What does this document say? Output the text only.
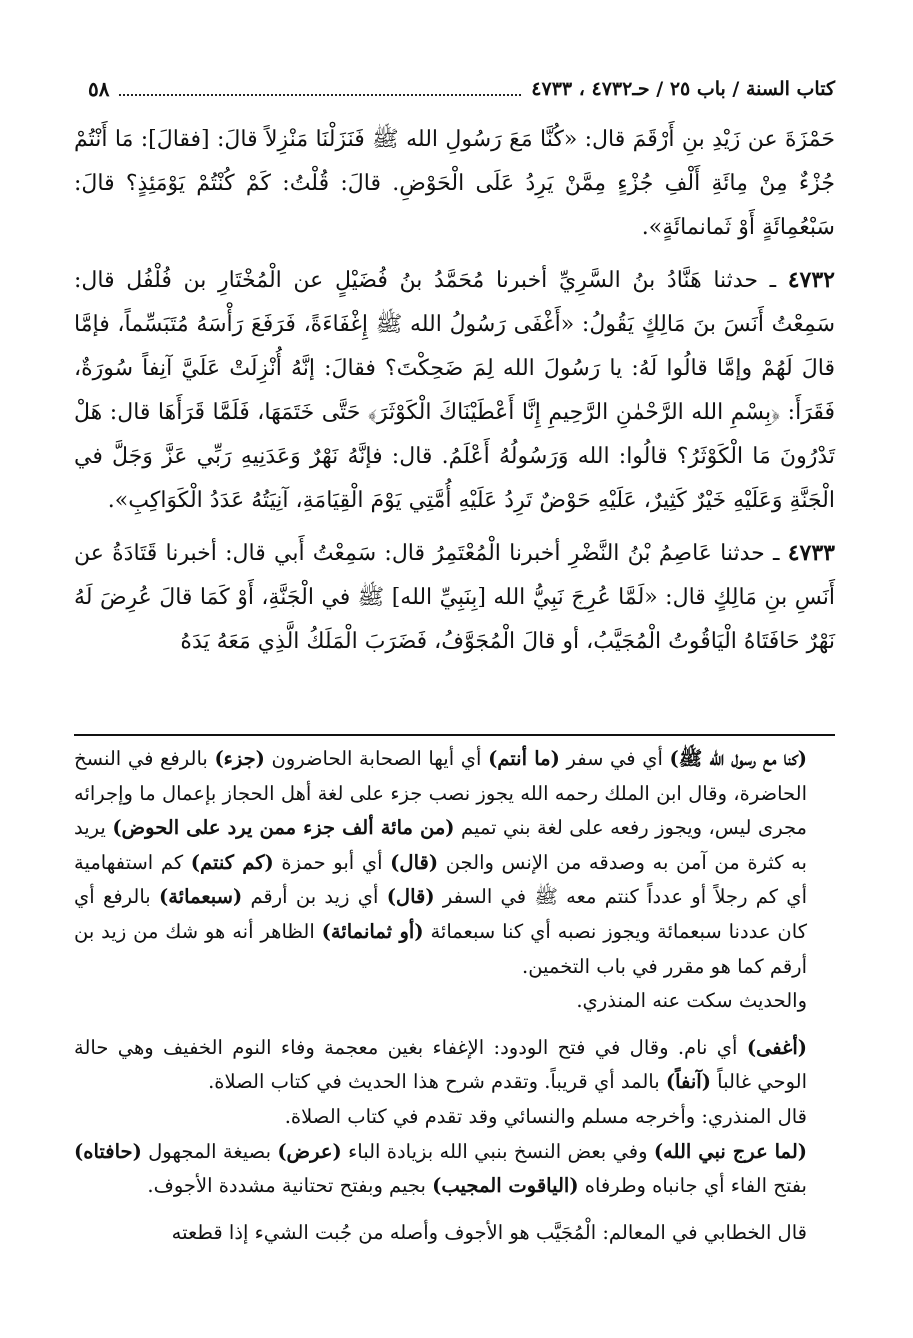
كتاب السنة / باب ٢٥ / حـ٤٧٣٢ ، ٤٧٣٣
٥٨

حَمْزَةَ عن زَيْدِ بنِ أَرْقَمَ قال: «كُنَّا مَعَ رَسُولِ الله ﷺ فَنَزَلْنَا مَنْزِلاً قالَ: [فقالَ]: مَا أَنْتُمْ جُزْءٌ مِنْ مِائَةِ أَلْفِ جُزْءٍ مِمَّنْ يَرِدُ عَلَى الْحَوْضِ. قالَ: قُلْتُ: كَمْ كُنْتُمْ يَوْمَئِذٍ؟ قالَ: سَبْعُمِائَةٍ أَوْ ثَمانمائَةٍ».

٤٧٣٢ ـ حدثنا هَنَّادُ بنُ السَّرِيِّ أخبرنا مُحَمَّدُ بنُ فُضَيْلٍ عن الْمُخْتَارِ بن فُلْفُل قال: سَمِعْتُ أَنَسَ بنَ مَالِكٍ يَقُولُ: «أَغْفَى رَسُولُ الله ﷺ إِغْفَاءَةً، فَرَفَعَ رَأْسَهُ مُتَبَسِّماً، فإمَّا قالَ لَهُمْ وإمَّا قالُوا لَهُ: يا رَسُولَ الله لِمَ ضَحِكْتَ؟ فقالَ: إنَّهُ أُنْزِلَتْ عَلَيَّ آنِفاً سُورَةٌ، فَقَرَأَ: ﴿بِسْمِ الله الرَّحْمٰنِ الرَّحِيمِ إِنَّا أَعْطَيْنَاكَ الْكَوْثَرَ﴾ حَتَّى خَتَمَهَا، فَلَمَّا قَرَأَهَا قال: هَلْ تَدْرُونَ مَا الْكَوْثَرُ؟ قالُوا: الله وَرَسُولُهُ أَعْلَمُ. قال: فإنَّهُ نَهْرٌ وَعَدَنِيهِ رَبِّي عَزَّ وَجَلَّ في الْجَنَّةِ وَعَلَيْهِ خَيْرٌ كَثِيرٌ، عَلَيْهِ حَوْضٌ تَرِدُ عَلَيْهِ أُمَّتِي يَوْمَ الْقِيَامَةِ، آنِيَتُهُ عَدَدُ الْكَوَاكِبِ».

٤٧٣٣ ـ حدثنا عَاصِمُ بْنُ النَّضْرِ أخبرنا الْمُعْتَمِرُ قال: سَمِعْتُ أَبي قال: أخبرنا قَتَادَةُ عن أَنَسِ بنِ مَالِكٍ قال: «لَمَّا عُرِجَ نَبِيُّ الله [بِنَبِيِّ الله] ﷺ في الْجَنَّةِ، أَوْ كَمَا قالَ عُرِضَ لَهُ نَهْرٌ حَافَتَاهُ الْيَاقُوتُ الْمُجَيَّبُ، أو قالَ الْمُجَوَّفُ، فَضَرَبَ الْمَلَكُ الَّذِي مَعَهُ يَدَهُ

(كنا مع رسول الله ﷺ) أي في سفر (ما أنتم) أي أيها الصحابة الحاضرون (جزء) بالرفع في النسخ الحاضرة، وقال ابن الملك رحمه الله يجوز نصب جزء على لغة أهل الحجاز بإعمال ما وإجرائه مجرى ليس، ويجوز رفعه على لغة بني تميم (من مائة ألف جزء ممن يرد على الحوض) يريد به كثرة من آمن به وصدقه من الإنس والجن (قال) أي أبو حمزة (كم كنتم) كم استفهامية أي كم رجلاً أو عدداً كنتم معه ﷺ في السفر (قال) أي زيد بن أرقم (سبعمائة) بالرفع أي كان عددنا سبعمائة ويجوز نصبه أي كنا سبعمائة (أو ثمانمائة) الظاهر أنه هو شك من زيد بن أرقم كما هو مقرر في باب التخمين.

والحديث سكت عنه المنذري.

(أغفى) أي نام. وقال في فتح الودود: الإغفاء بغين معجمة وفاء النوم الخفيف وهي حالة الوحي غالباً (آنفاً) بالمد أي قريباً. وتقدم شرح هذا الحديث في كتاب الصلاة.

قال المنذري: وأخرجه مسلم والنسائي وقد تقدم في كتاب الصلاة.

(لما عرج نبي الله) وفي بعض النسخ بنبي الله بزيادة الباء (عرض) بصيغة المجهول (حافتاه) بفتح الفاء أي جانباه وطرفاه (الياقوت المجيب) بجيم وبفتح تحتانية مشددة الأجوف.

قال الخطابي في المعالم: الْمُجَيَّب هو الأجوف وأصله من جُبت الشيء إذا قطعته
